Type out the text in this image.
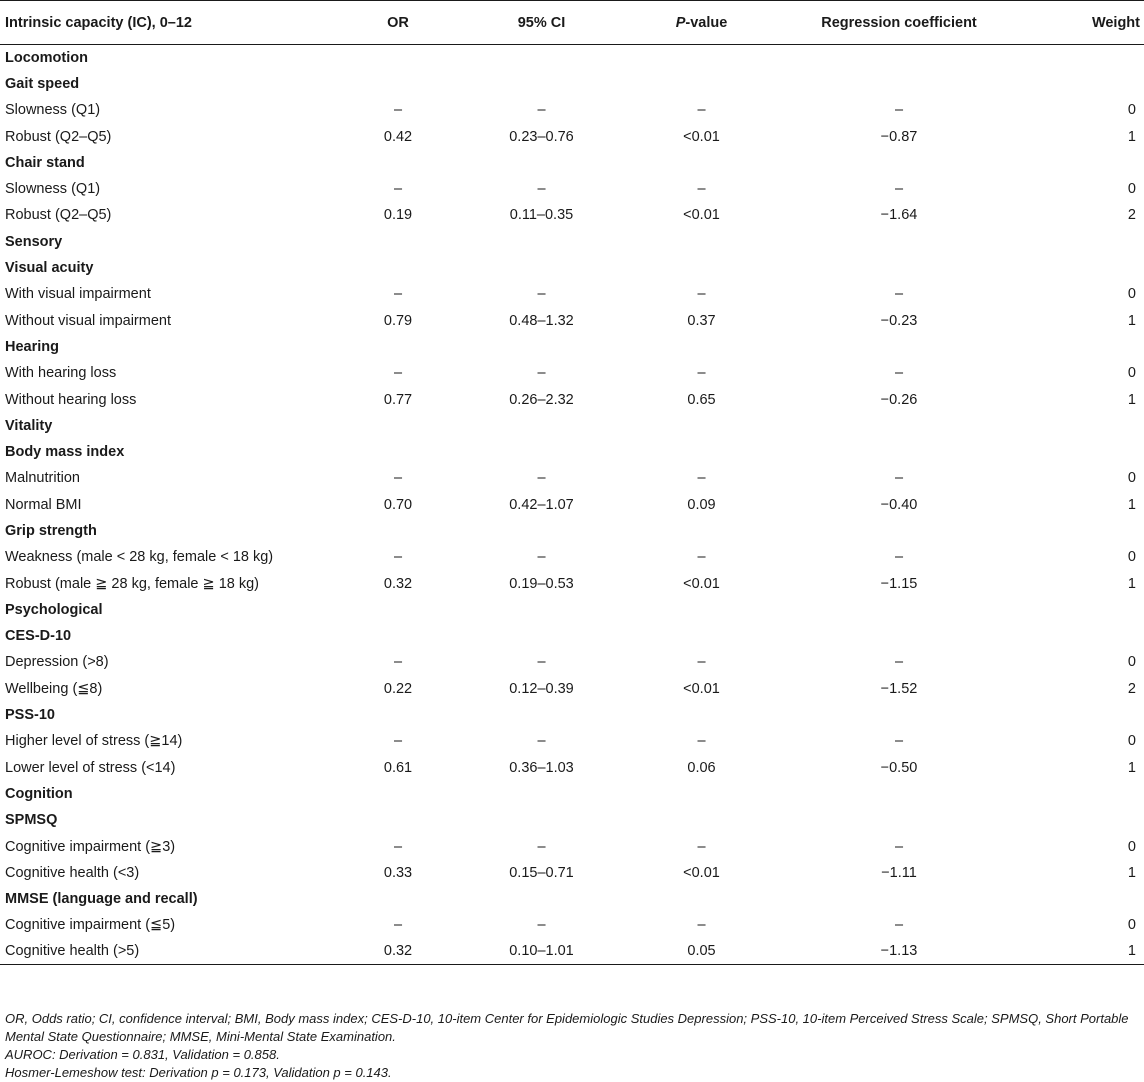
Intrinsic capacity (IC), 0–12	OR	95% CI	P-value	Regression coefficient	Weight
Locomotion					
Gait speed					
Slowness (Q1)	–	–	–	–	0
Robust (Q2–Q5)	0.42	0.23–0.76	<0.01	−0.87	1
Chair stand					
Slowness (Q1)	–	–	–	–	0
Robust (Q2–Q5)	0.19	0.11–0.35	<0.01	−1.64	2
Sensory					
Visual acuity					
With visual impairment	–	–	–	–	0
Without visual impairment	0.79	0.48–1.32	0.37	−0.23	1
Hearing					
With hearing loss	–	–	–	–	0
Without hearing loss	0.77	0.26–2.32	0.65	−0.26	1
Vitality					
Body mass index					
Malnutrition	–	–	–	–	0
Normal BMI	0.70	0.42–1.07	0.09	−0.40	1
Grip strength					
Weakness (male < 28 kg, female < 18 kg)	–	–	–	–	0
Robust (male ≧ 28 kg, female ≧ 18 kg)	0.32	0.19–0.53	<0.01	−1.15	1
Psychological					
CES-D-10					
Depression (>8)	–	–	–	–	0
Wellbeing (≦8)	0.22	0.12–0.39	<0.01	−1.52	2
PSS-10					
Higher level of stress (≧14)	–	–	–	–	0
Lower level of stress (<14)	0.61	0.36–1.03	0.06	−0.50	1
Cognition					
SPMSQ					
Cognitive impairment (≧3)	–	–	–	–	0
Cognitive health (<3)	0.33	0.15–0.71	<0.01	−1.11	1
MMSE (language and recall)					
Cognitive impairment (≦5)	–	–	–	–	0
Cognitive health (>5)	0.32	0.10–1.01	0.05	−1.13	1
OR, Odds ratio; CI, confidence interval; BMI, Body mass index; CES-D-10, 10-item Center for Epidemiologic Studies Depression; PSS-10, 10-item Perceived Stress Scale; SPMSQ, Short Portable Mental State Questionnaire; MMSE, Mini-Mental State Examination.
AUROC: Derivation = 0.831, Validation = 0.858.
Hosmer-Lemeshow test: Derivation p = 0.173, Validation p = 0.143.
